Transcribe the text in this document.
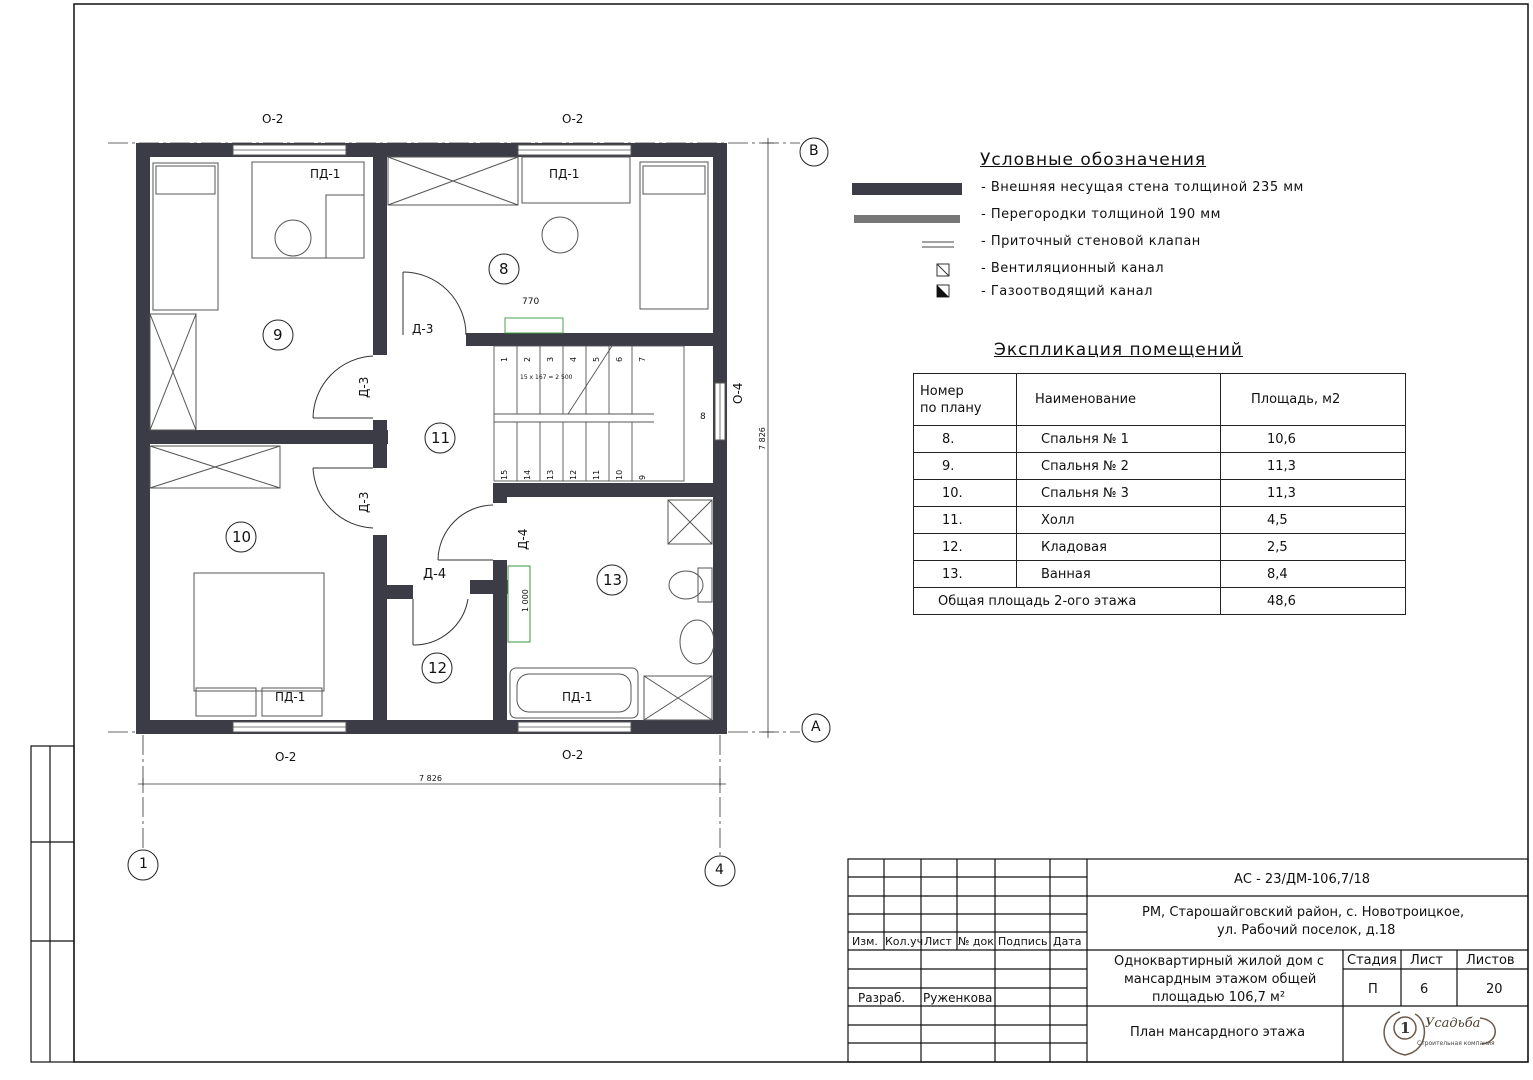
О-2	О-2
О-2	О-2
О-4
ПД-1	ПД-1
ПД-1	ПД-1
Д-3
Д-3
Д-3
Д-4
Д-4
9
8
11
10
13
12
770
15 x 167 = 2 500
8
1 000
7 826
7 826
1 2 3 4 5 6 7
15 14 13 12 11 10 9
В
А
1	4
Условные обозначения
- Внешняя несущая стена толщиной 235 мм
- Перегородки толщиной 190 мм
- Приточный стеновой клапан
- Вентиляционный канал
- Газоотводящий канал
Экспликация помещений
Номер
по плану	Наименование	Площадь, м2
8.	Спальня № 1	10,6
9.	Спальня № 2	11,3
10.	Спальня № 3	11,3
11.	Холл	4,5
12.	Кладовая	2,5
13.	Ванная	8,4
Общая площадь 2-ого этажа		48,6
АС - 23/ДМ-106,7/18
РМ, Старошайговский район, с. Новотроицкое,
ул. Рабочий поселок, д.18
Изм. Кол.уч Лист № док Подпись Дата
Разраб. Руженкова
Одноквартирный жилой дом с
мансардным этажом общей
площадью 106,7 м²
Стадия Лист Листов
П	6	20
План мансардного этажа	1 Усадьба
Строительная компания
